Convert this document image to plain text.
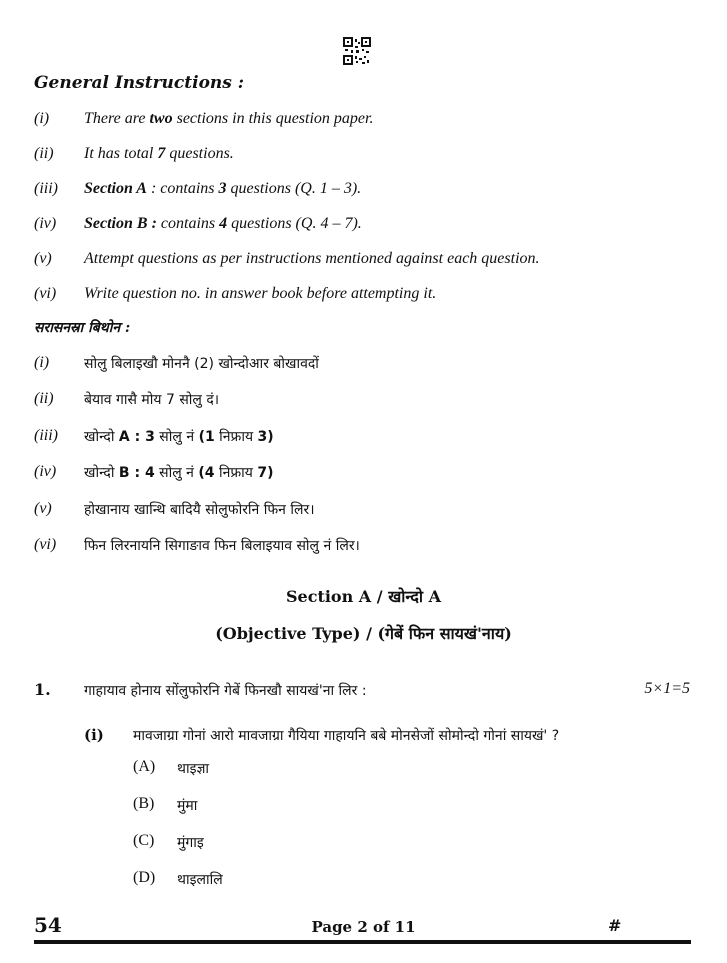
General Instructions :
(i) There are two sections in this question paper.
(ii) It has total 7 questions.
(iii) Section A : contains 3 questions (Q. 1 – 3).
(iv) Section B : contains 4 questions (Q. 4 – 7).
(v) Attempt questions as per instructions mentioned against each question.
(vi) Write question no. in answer book before attempting it.
सरासनस्रा बिथोन :
(i) सोलु बिलाइखौ मोननै (2) खोन्दोआर बोखावदों
(ii) बेयाव गासै मोय 7 सोलु दं।
(iii) खोन्दो A : 3 सोलु नं (1 निफ्राय 3)
(iv) खोन्दो B : 4 सोलु नं (4 निफ्राय 7)
(v) होखानाय खान्थि बादियै सोलुफोरनि फिन लिर।
(vi) फिन लिरनायनि सिगाङाव फिन बिलाइयाव सोलु नं लिर।
Section A / खोन्दो A
(Objective Type) / (गेबें फिन सायखं'नाय)
1. गाहायाव होनाय सोंलुफोरनि गेबें फिनखौ सायखं'ना लिर :	5×1=5
(i) मावजाग्रा गोनां आरो मावजाग्रा गैयिया गाहायनि बबे मोनसेजों सोमोन्दो गोनां सायखं' ?
(A) थाइज्ञा
(B) मुंमा
(C) मुंगाइ
(D) थाइलालि
54	Page 2 of 11	#
